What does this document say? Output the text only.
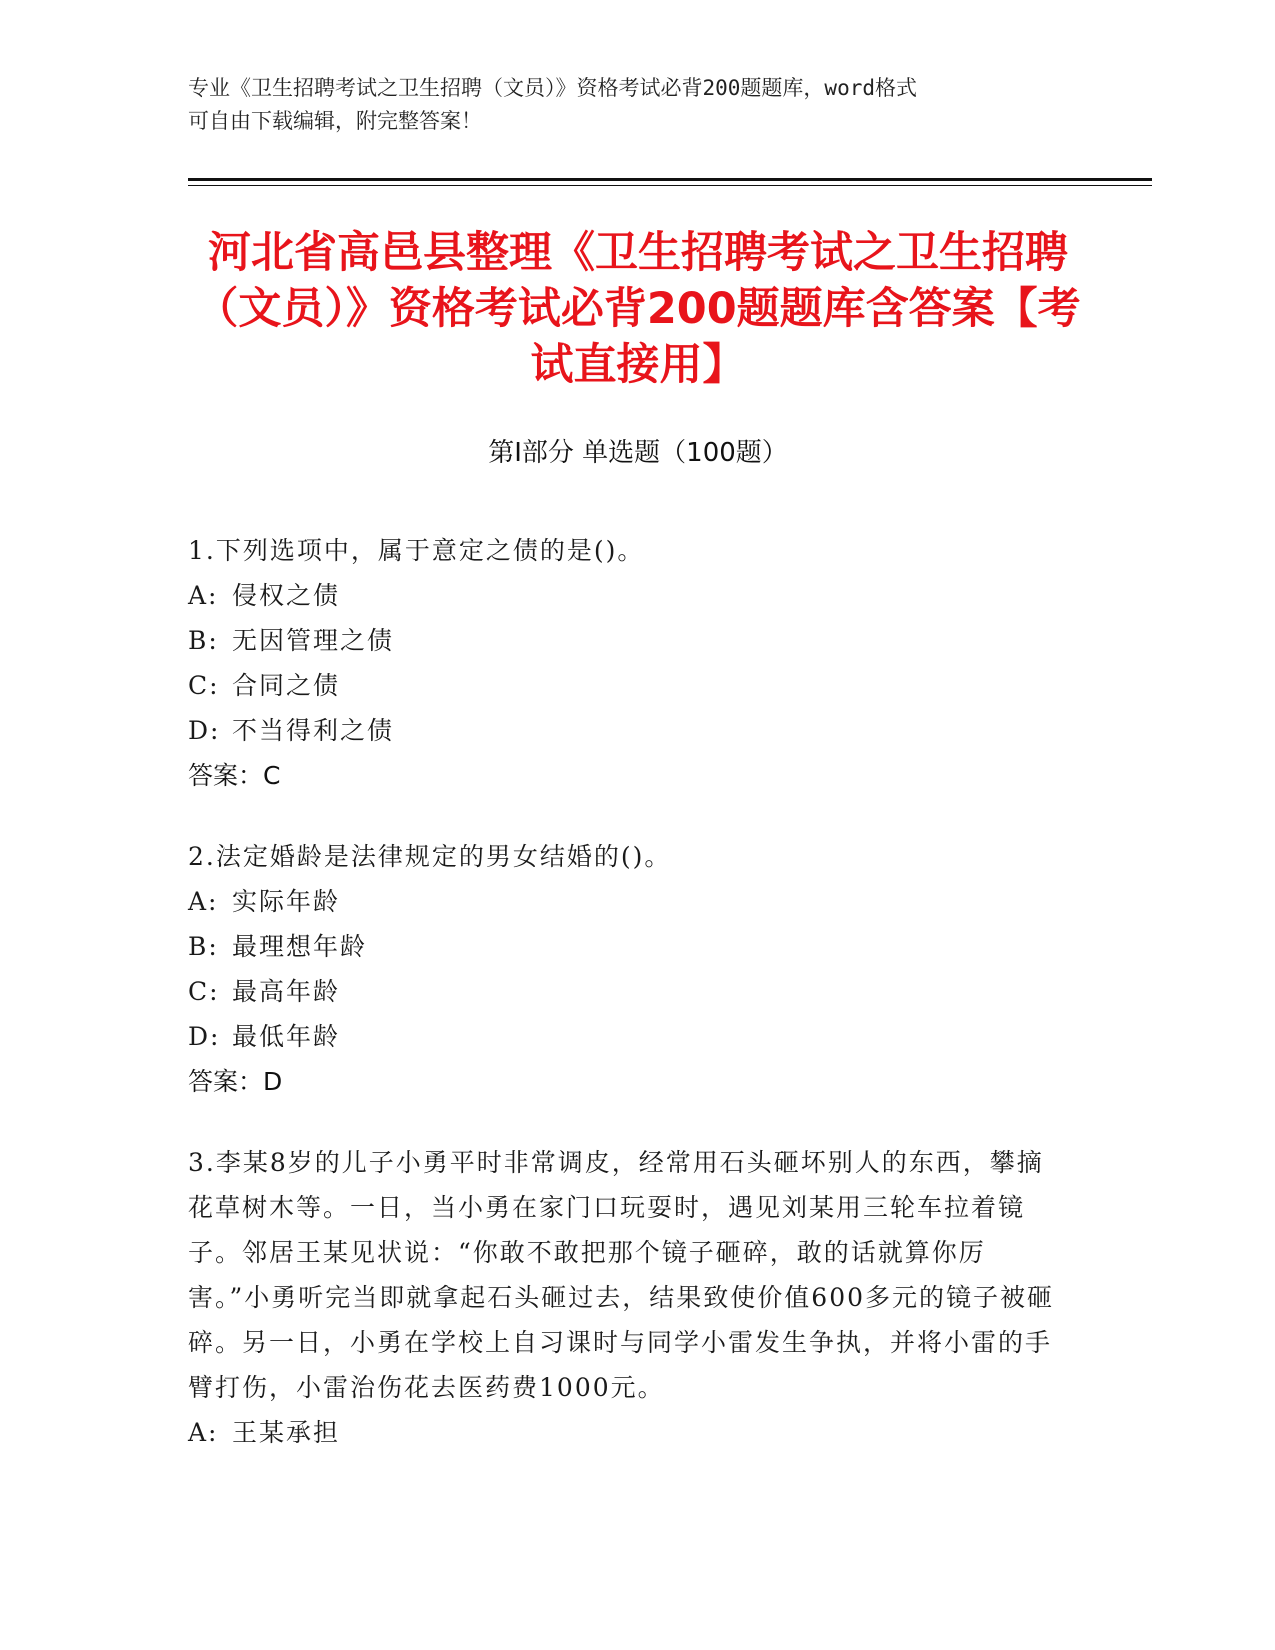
专业《卫生招聘考试之卫生招聘（文员）》资格考试必背200题题库，word格式
可自由下载编辑，附完整答案！
河北省高邑县整理《卫生招聘考试之卫生招聘（文员）》资格考试必背200题题库含答案【考试直接用】
第Ⅰ部分 单选题（100题）
1.下列选项中，属于意定之债的是()。
A: 侵权之债
B: 无因管理之债
C: 合同之债
D: 不当得利之债
答案：C
2.法定婚龄是法律规定的男女结婚的()。
A: 实际年龄
B: 最理想年龄
C: 最高年龄
D: 最低年龄
答案：D
3.李某8岁的儿子小勇平时非常调皮，经常用石头砸坏别人的东西，攀摘花草树木等。一日，当小勇在家门口玩耍时，遇见刘某用三轮车拉着镜子。邻居王某见状说：“你敢不敢把那个镜子砸碎，敢的话就算你厉害。”小勇听完当即就拿起石头砸过去，结果致使价值600多元的镜子被砸碎。另一日，小勇在学校上自习课时与同学小雷发生争执，并将小雷的手臂打伤，小雷治伤花去医药费1000元。
A: 王某承担
